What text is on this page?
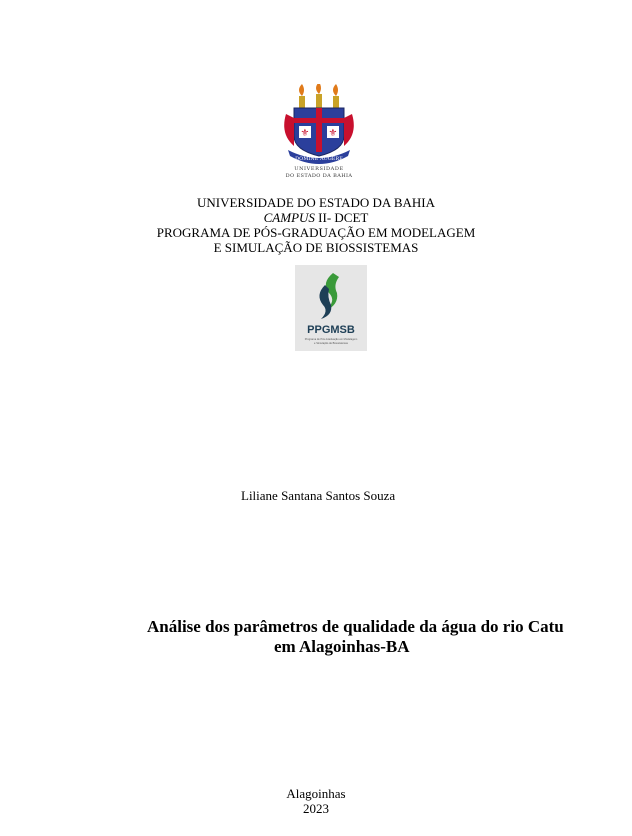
⚜ ⚜
DOMINE AUGERE
UNIVERSIDADE
DO ESTADO DA BAHIA
UNIVERSIDADE DO ESTADO DA BAHIA
CAMPUS II- DCET
PROGRAMA DE PÓS-GRADUAÇÃO EM MODELAGEM
E SIMULAÇÃO DE BIOSSISTEMAS
PPGMSB
Programa de Pós-Graduação em Modelagem
e Simulação de Biossistemas
Liliane Santana Santos Souza
Análise dos parâmetros de qualidade da água do rio Catu
em Alagoinhas-BA
Alagoinhas
2023
